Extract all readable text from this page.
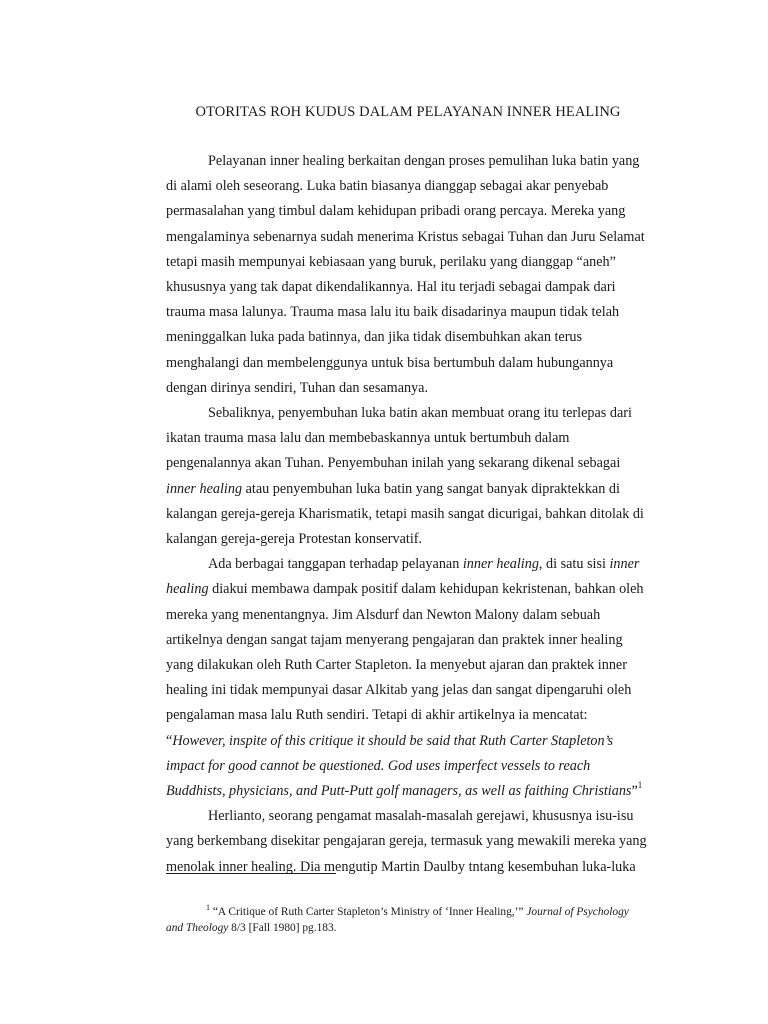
OTORITAS ROH KUDUS DALAM PELAYANAN INNER HEALING
Pelayanan inner healing berkaitan dengan proses pemulihan luka batin yang
di alami oleh seseorang. Luka batin biasanya dianggap sebagai akar penyebab
permasalahan yang timbul dalam kehidupan pribadi orang percaya. Mereka yang
mengalaminya sebenarnya sudah menerima Kristus sebagai Tuhan dan Juru Selamat
tetapi masih mempunyai kebiasaan yang buruk, perilaku yang dianggap “aneh”
khususnya yang tak dapat dikendalikannya. Hal itu terjadi sebagai dampak dari
trauma masa lalunya. Trauma masa lalu itu baik disadarinya maupun tidak telah
meninggalkan luka pada batinnya, dan jika tidak disembuhkan akan terus
menghalangi dan membelenggunya untuk bisa bertumbuh dalam hubungannya
dengan dirinya sendiri, Tuhan dan sesamanya.
Sebaliknya, penyembuhan luka batin akan membuat orang itu terlepas dari
ikatan trauma masa lalu dan membebaskannya untuk bertumbuh dalam
pengenalannya akan Tuhan. Penyembuhan inilah yang sekarang dikenal sebagai
inner healing atau penyembuhan luka batin yang sangat banyak dipraktekkan di
kalangan gereja-gereja Kharismatik, tetapi masih sangat dicurigai, bahkan ditolak di
kalangan gereja-gereja Protestan konservatif.
Ada berbagai tanggapan terhadap pelayanan inner healing, di satu sisi inner
healing diakui membawa dampak positif dalam kehidupan kekristenan, bahkan oleh
mereka yang menentangnya. Jim Alsdurf dan Newton Malony dalam sebuah
artikelnya dengan sangat tajam menyerang pengajaran dan praktek inner healing
yang dilakukan oleh Ruth Carter Stapleton. Ia menyebut ajaran dan praktek inner
healing ini tidak mempunyai dasar Alkitab yang jelas dan sangat dipengaruhi oleh
pengalaman masa lalu Ruth sendiri. Tetapi di akhir artikelnya ia mencatat:
“However, inspite of this critique it should be said that Ruth Carter Stapleton’s
impact for good cannot be questioned. God uses imperfect vessels to reach
Buddhists, physicians, and Putt-Putt golf managers, as well as faithing Christians”$^1$
Herlianto, seorang pengamat masalah-masalah gerejawi, khususnya isu-isu
yang berkembang disekitar pengajaran gereja, termasuk yang mewakili mereka yang
menolak inner healing. Dia mengutip Martin Daulby tntang kesembuhan luka-luka
$^1$ “A Critique of Ruth Carter Stapleton’s Ministry of ‘Inner Healing,’” Journal of Psychology
and Theology 8/3 [Fall 1980] pg.183.
